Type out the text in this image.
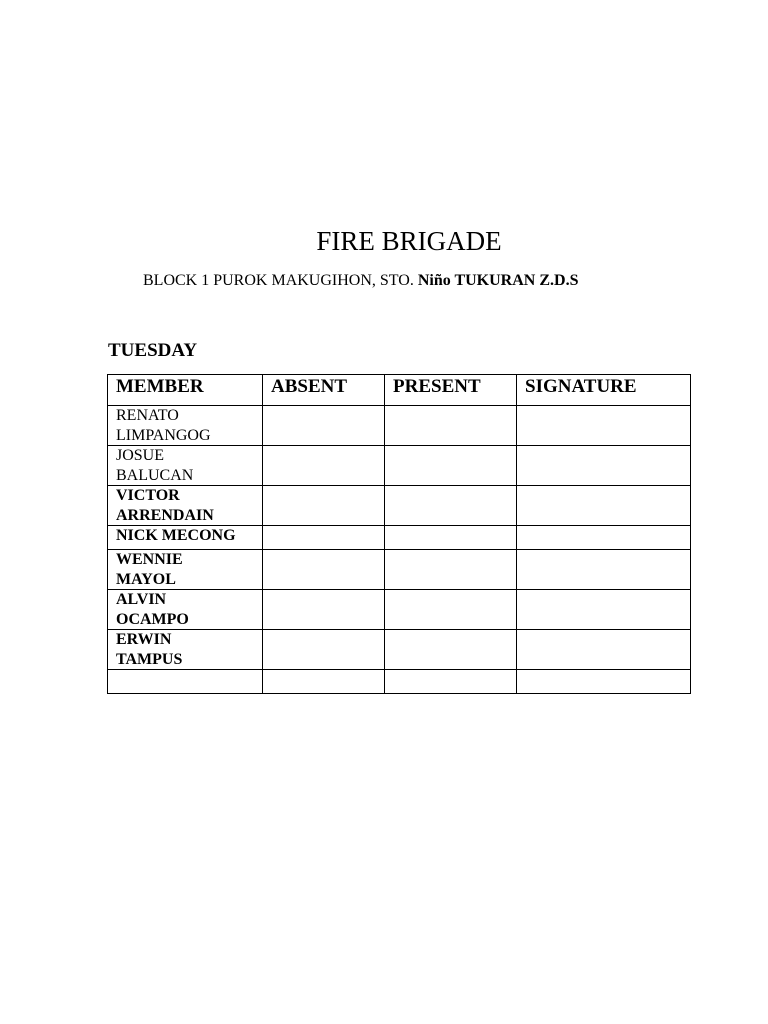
FIRE BRIGADE
BLOCK 1 PUROK MAKUGIHON, STO. Niño TUKURAN Z.D.S
TUESDAY
MEMBER	ABSENT	PRESENT	SIGNATURE

RENATO
LIMPANGOG			

JOSUE
BALUCAN			

VICTOR
ARRENDAIN			

NICK MECONG			

WENNIE
MAYOL			

ALVIN
OCAMPO			

ERWIN
TAMPUS			
